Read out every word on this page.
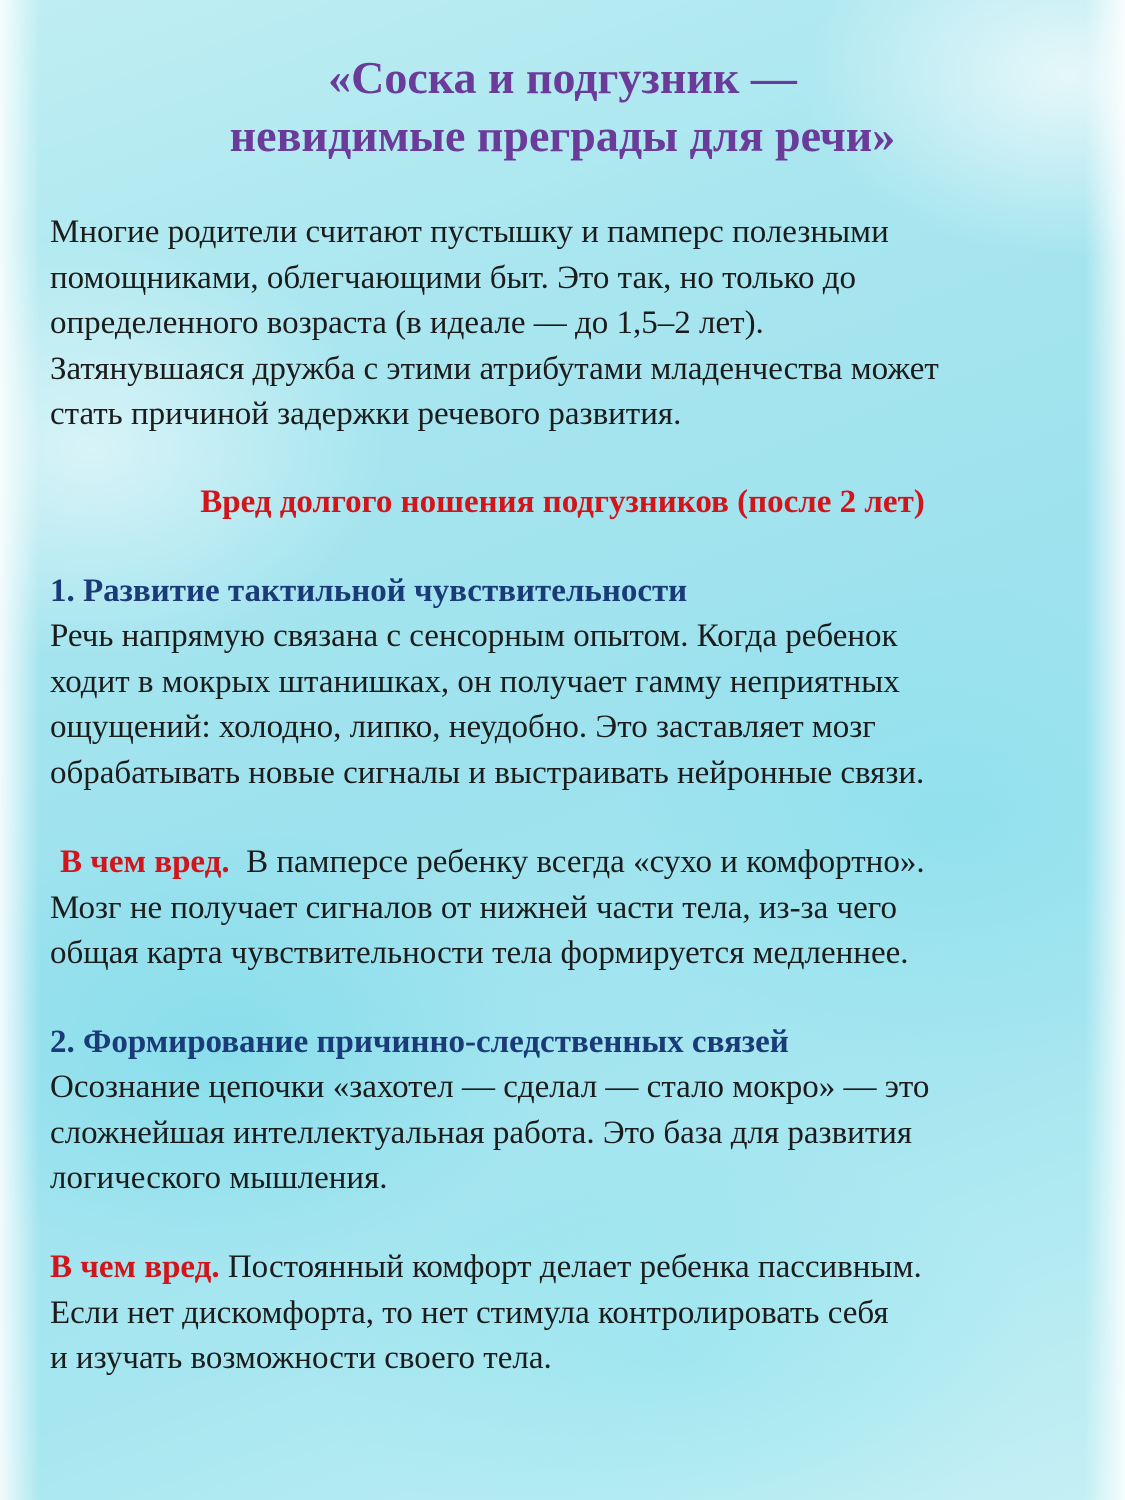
«Соска и подгузник —
невидимые преграды для речи»

Многие родители считают пустышку и памперс полезными
помощниками, облегчающими быт. Это так, но только до
определенного возраста (в идеале — до 1,5–2 лет).
Затянувшаяся дружба с этими атрибутами младенчества может
стать причиной задержки речевого развития.

Вред долгого ношения подгузников (после 2 лет)
1. Развитие тактильной чувствительности

Речь напрямую связана с сенсорным опытом. Когда ребенок
ходит в мокрых штанишках, он получает гамму неприятных
ощущений: холодно, липко, неудобно. Это заставляет мозг
обрабатывать новые сигналы и выстраивать нейронные связи.

В чем вред. В памперсе ребенку всегда «сухо и комфортно».
Мозг не получает сигналов от нижней части тела, из-за чего
общая карта чувствительности тела формируется медленнее.

2. Формирование причинно-следственных связей

Осознание цепочки «захотел — сделал — стало мокро» — это
сложнейшая интеллектуальная работа. Это база для развития
логического мышления.

В чем вред. Постоянный комфорт делает ребенка пассивным.
Если нет дискомфорта, то нет стимула контролировать себя
и изучать возможности своего тела.
